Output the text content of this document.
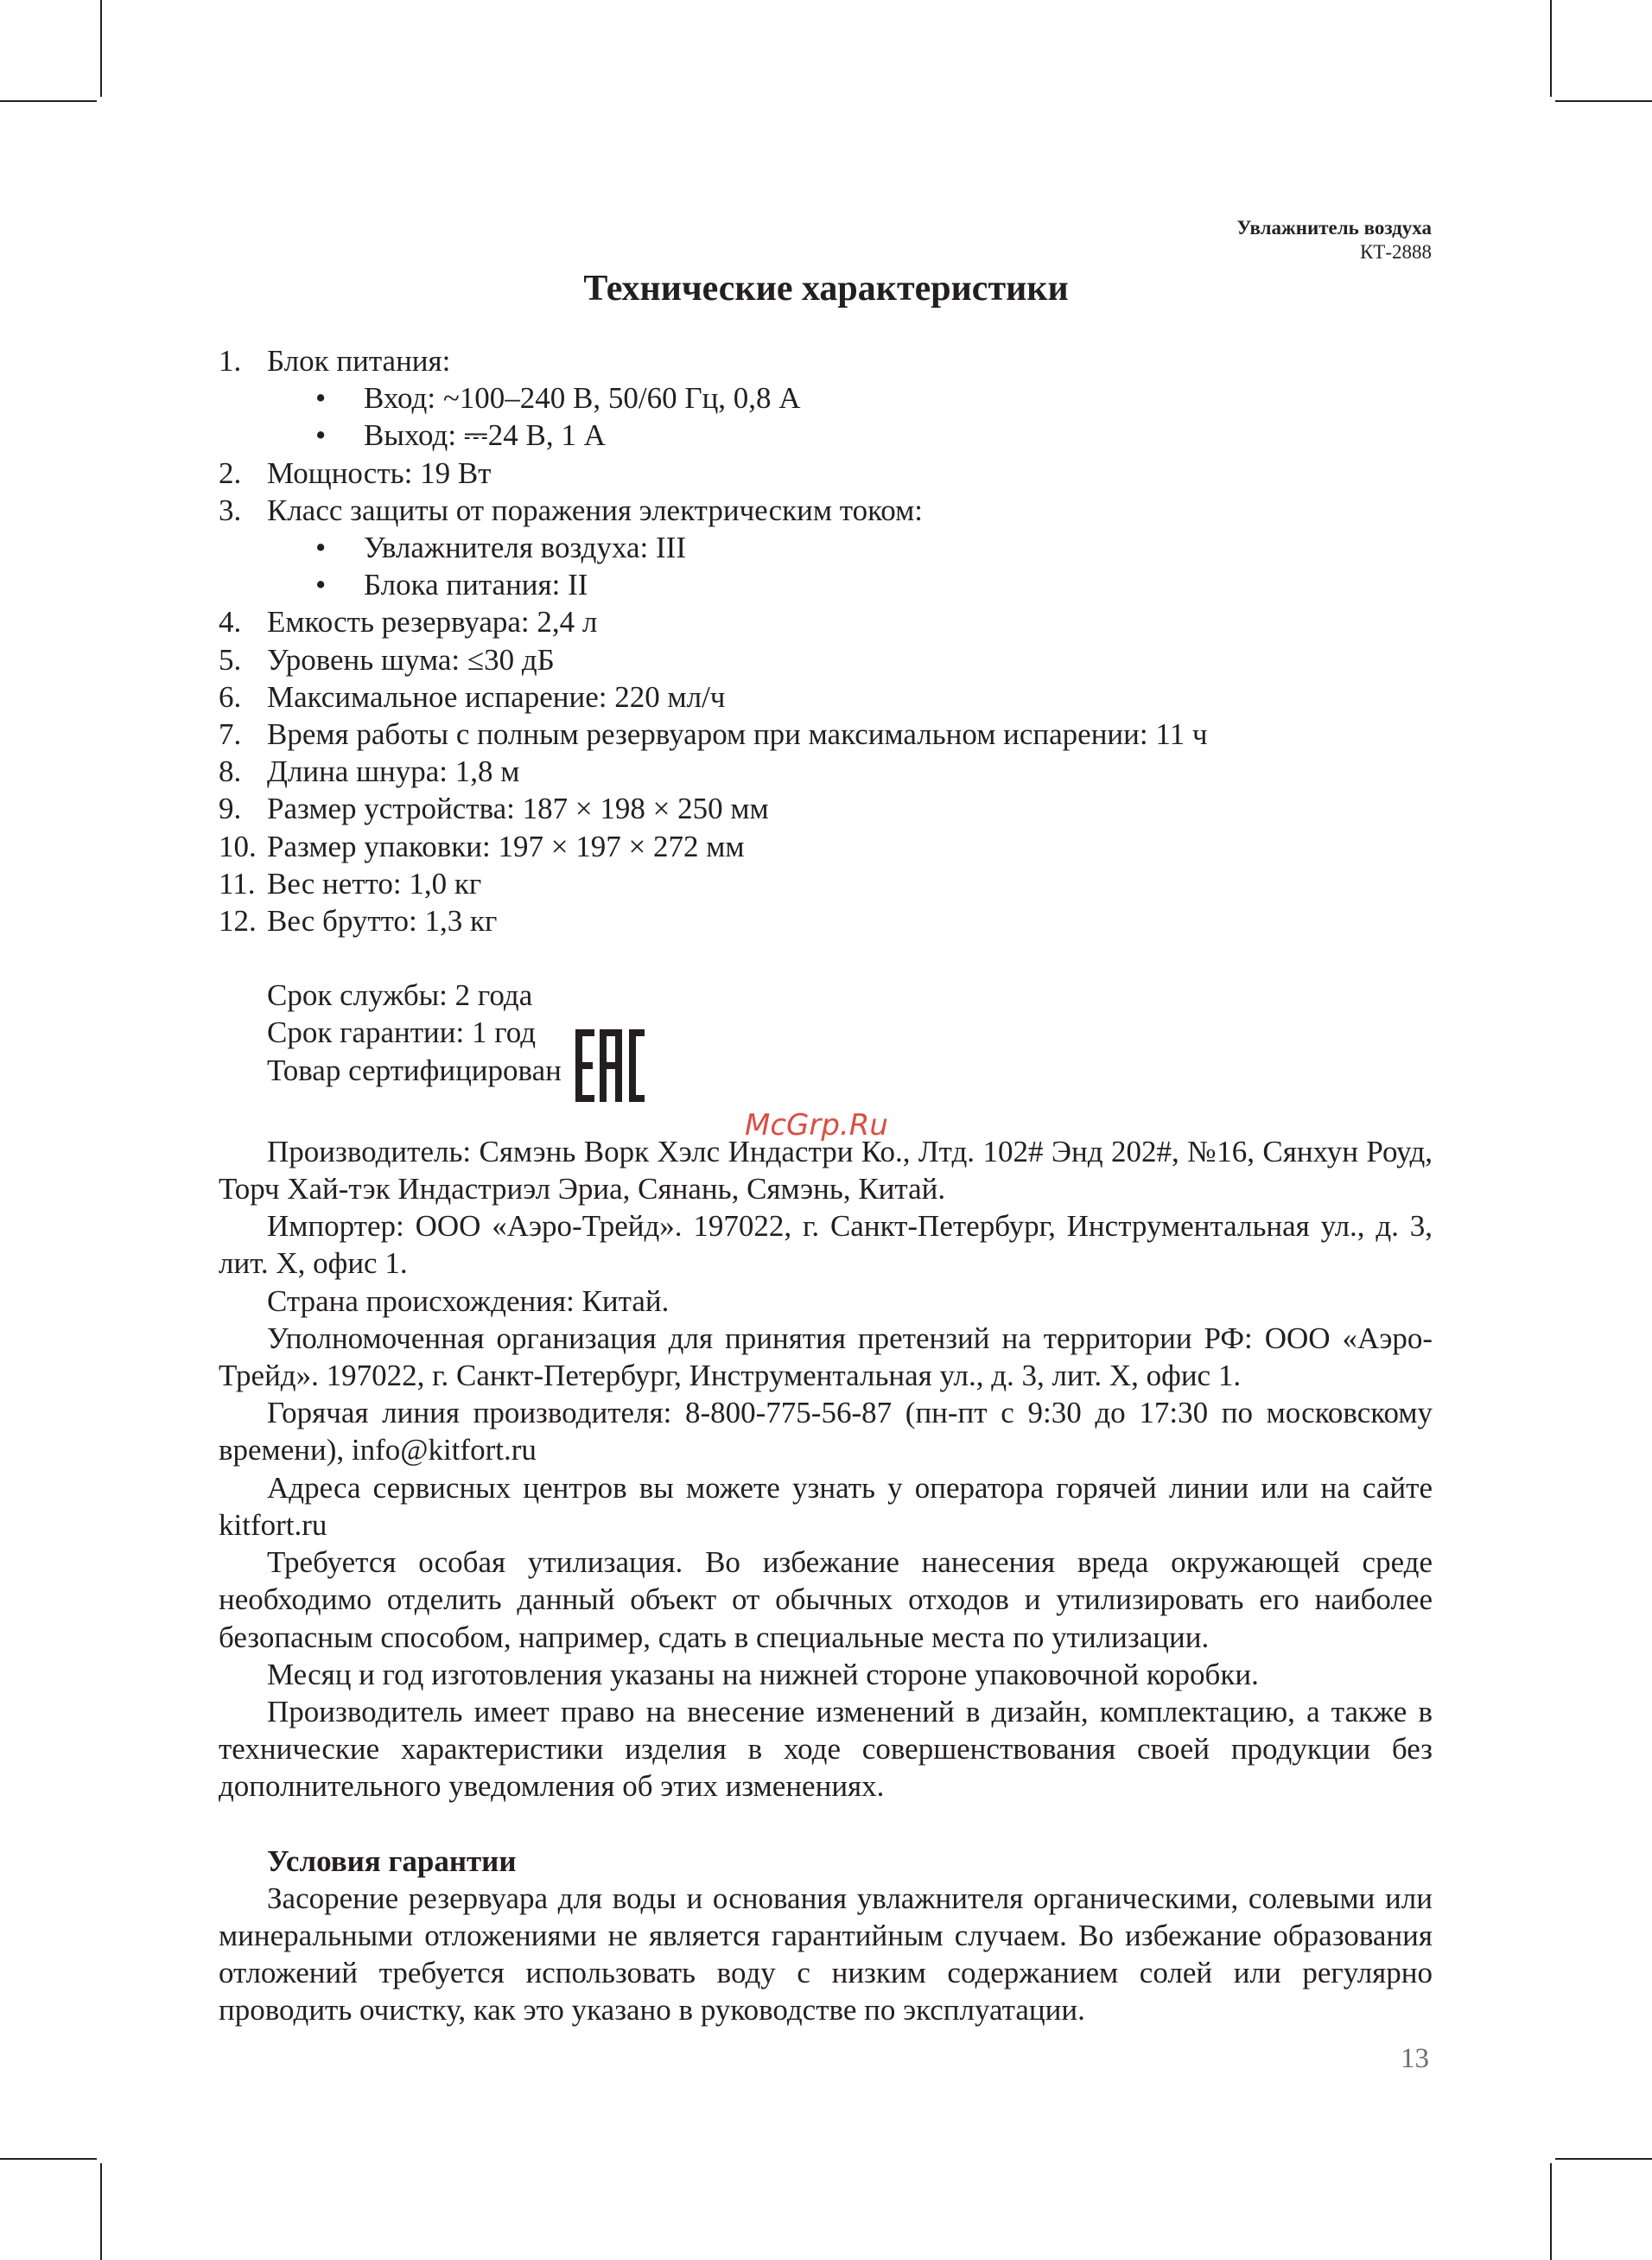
Увлажнитель воздуха
КТ-2888
Технические характеристики
1. Блок питания:
• Вход: ~100–240 В, 50/60 Гц, 0,8 А
• Выход: ⎓24 В, 1 А
2. Мощность: 19 Вт
3. Класс защиты от поражения электрическим током:
• Увлажнителя воздуха: III
• Блока питания: II
4. Емкость резервуара: 2,4 л
5. Уровень шума: ≤30 дБ
6. Максимальное испарение: 220 мл/ч
7. Время работы с полным резервуаром при максимальном испарении: 11 ч
8. Длина шнура: 1,8 м
9. Размер устройства: 187 × 198 × 250 мм
10. Размер упаковки: 197 × 197 × 272 мм
11. Вес нетто: 1,0 кг
12. Вес брутто: 1,3 кг
Срок службы: 2 года
Срок гарантии: 1 год
Товар сертифицирован

Производитель: Сямэнь Ворк Хэлс Индастри Ко., Лтд. 102# Энд 202#, №16, Сянхун Роуд, Торч Хай-тэк Индастриэл Эриа, Сянань, Сямэнь, Китай.

Импортер: ООО «Аэро-Трейд». 197022, г. Санкт-Петербург, Инструментальная ул., д. 3, лит. Х, офис 1.

Страна происхождения: Китай.

Уполномоченная организация для принятия претензий на территории РФ: ООО «Аэро-Трейд». 197022, г. Санкт-Петербург, Инструментальная ул., д. 3, лит. Х, офис 1.

Горячая линия производителя: 8-800-775-56-87 (пн-пт с 9:30 до 17:30 по московскому времени), info@kitfort.ru

Адреса сервисных центров вы можете узнать у оператора горячей линии или на сайте kitfort.ru

Требуется особая утилизация. Во избежание нанесения вреда окружающей среде необходимо отделить данный объект от обычных отходов и утилизировать его наиболее безопасным способом, например, сдать в специальные места по утилизации.

Месяц и год изготовления указаны на нижней стороне упаковочной коробки.

Производитель имеет право на внесение изменений в дизайн, комплектацию, а также в технические характеристики изделия в ходе совершенствования своей продукции без дополнительного уведомления об этих изменениях.

Условия гарантии

Засорение резервуара для воды и основания увлажнителя органическими, солевыми или минеральными отложениями не является гарантийным случаем. Во избежание образования отложений требуется использовать воду с низким содержанием солей или регулярно проводить очистку, как это указано в руководстве по эксплуатации.

McGrp.Ru
13
